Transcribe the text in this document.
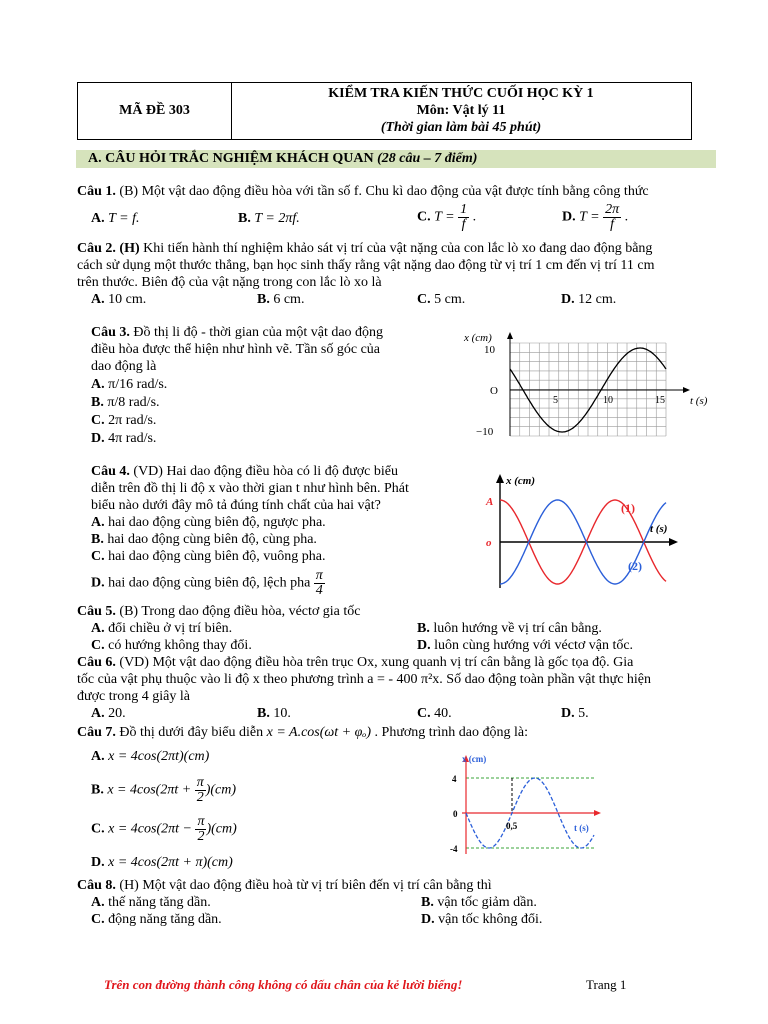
MÃ ĐỀ 303
KIỂM TRA KIẾN THỨC CUỐI HỌC KỲ 1
Môn: Vật lý 11
(Thời gian làm bài 45 phút)
A. CÂU HỎI TRẮC NGHIỆM KHÁCH QUAN (28 câu – 7 điểm)
Câu 1. (B) Một vật dao động điều hòa với tần số f. Chu kì dao động của vật được tính bằng công thức
A. T = f.	B. T = 2πf.	C. $T = \frac{1}{f}$ .	D. $T = \frac{2\pi}{f}$ .
Câu 2. (H) Khi tiến hành thí nghiệm khảo sát vị trí của vật nặng của con lắc lò xo đang dao động bằng
cách sử dụng một thước thẳng, bạn học sinh thấy rằng vật nặng dao động từ vị trí 1 cm đến vị trí 11 cm
trên thước. Biên độ của vật nặng trong con lắc lò xo là
A. 10 cm.	B. 6 cm.	C. 5 cm.	D. 12 cm.
Câu 3. Đồ thị li độ - thời gian của một vật dao động
điều hòa được thể hiện như hình vẽ. Tần số góc của
dao động là
A. π/16 rad/s.
B. π/8 rad/s.
C. 2π rad/s.
D. 4π rad/s.
x (cm)
10
O
−10
5	10	15 t (s)
Câu 4. (VD) Hai dao động điều hòa có li độ được biểu
diễn trên đồ thị li độ x vào thời gian t như hình bên. Phát
biểu nào dưới đây mô tả đúng tính chất của hai vật?
A. hai dao động cùng biên độ, ngược pha.
B. hai dao động cùng biên độ, cùng pha.
C. hai dao động cùng biên độ, vuông pha.
D. hai dao động cùng biên độ, lệch pha $\frac{\pi}{4}$
x (cm)
A
o
t (s)
(1)
(2)
Câu 5. (B) Trong dao động điều hòa, véctơ gia tốc
A. đổi chiều ở vị trí biên.	B. luôn hướng về vị trí cân bằng.
C. có hướng không thay đổi.	D. luôn cùng hướng với véctơ vận tốc.
Câu 6. (VD) Một vật dao động điều hòa trên trục Ox, xung quanh vị trí cân bằng là gốc tọa độ. Gia
tốc của vật phụ thuộc vào li độ x theo phương trình a = - 400 π²x. Số dao động toàn phần vật thực hiện
được trong 4 giây là
A. 20.	B. 10.	C. 40.	D. 5.
Câu 7. Đồ thị dưới đây biểu diễn x = A.cos(ωt + φₒ) . Phương trình dao động là:
A. x = 4cos(2πt)(cm)
B. $x = 4\cos(2\pi t + \frac{\pi}{2} )(cm)$
C. $x = 4\cos(2\pi t - \frac{\pi}{2} )(cm)$
D. x = 4cos(2πt + π)(cm)
x (cm)
4
0
-4
0,5	t (s)
Câu 8. (H) Một vật dao động điều hoà từ vị trí biên đến vị trí cân bằng thì
A. thế năng tăng dần.	B. vận tốc giảm dần.
C. động năng tăng dần.	D. vận tốc không đổi.
Trên con đường thành công không có dấu chân của kẻ lười biếng!	Trang 1
